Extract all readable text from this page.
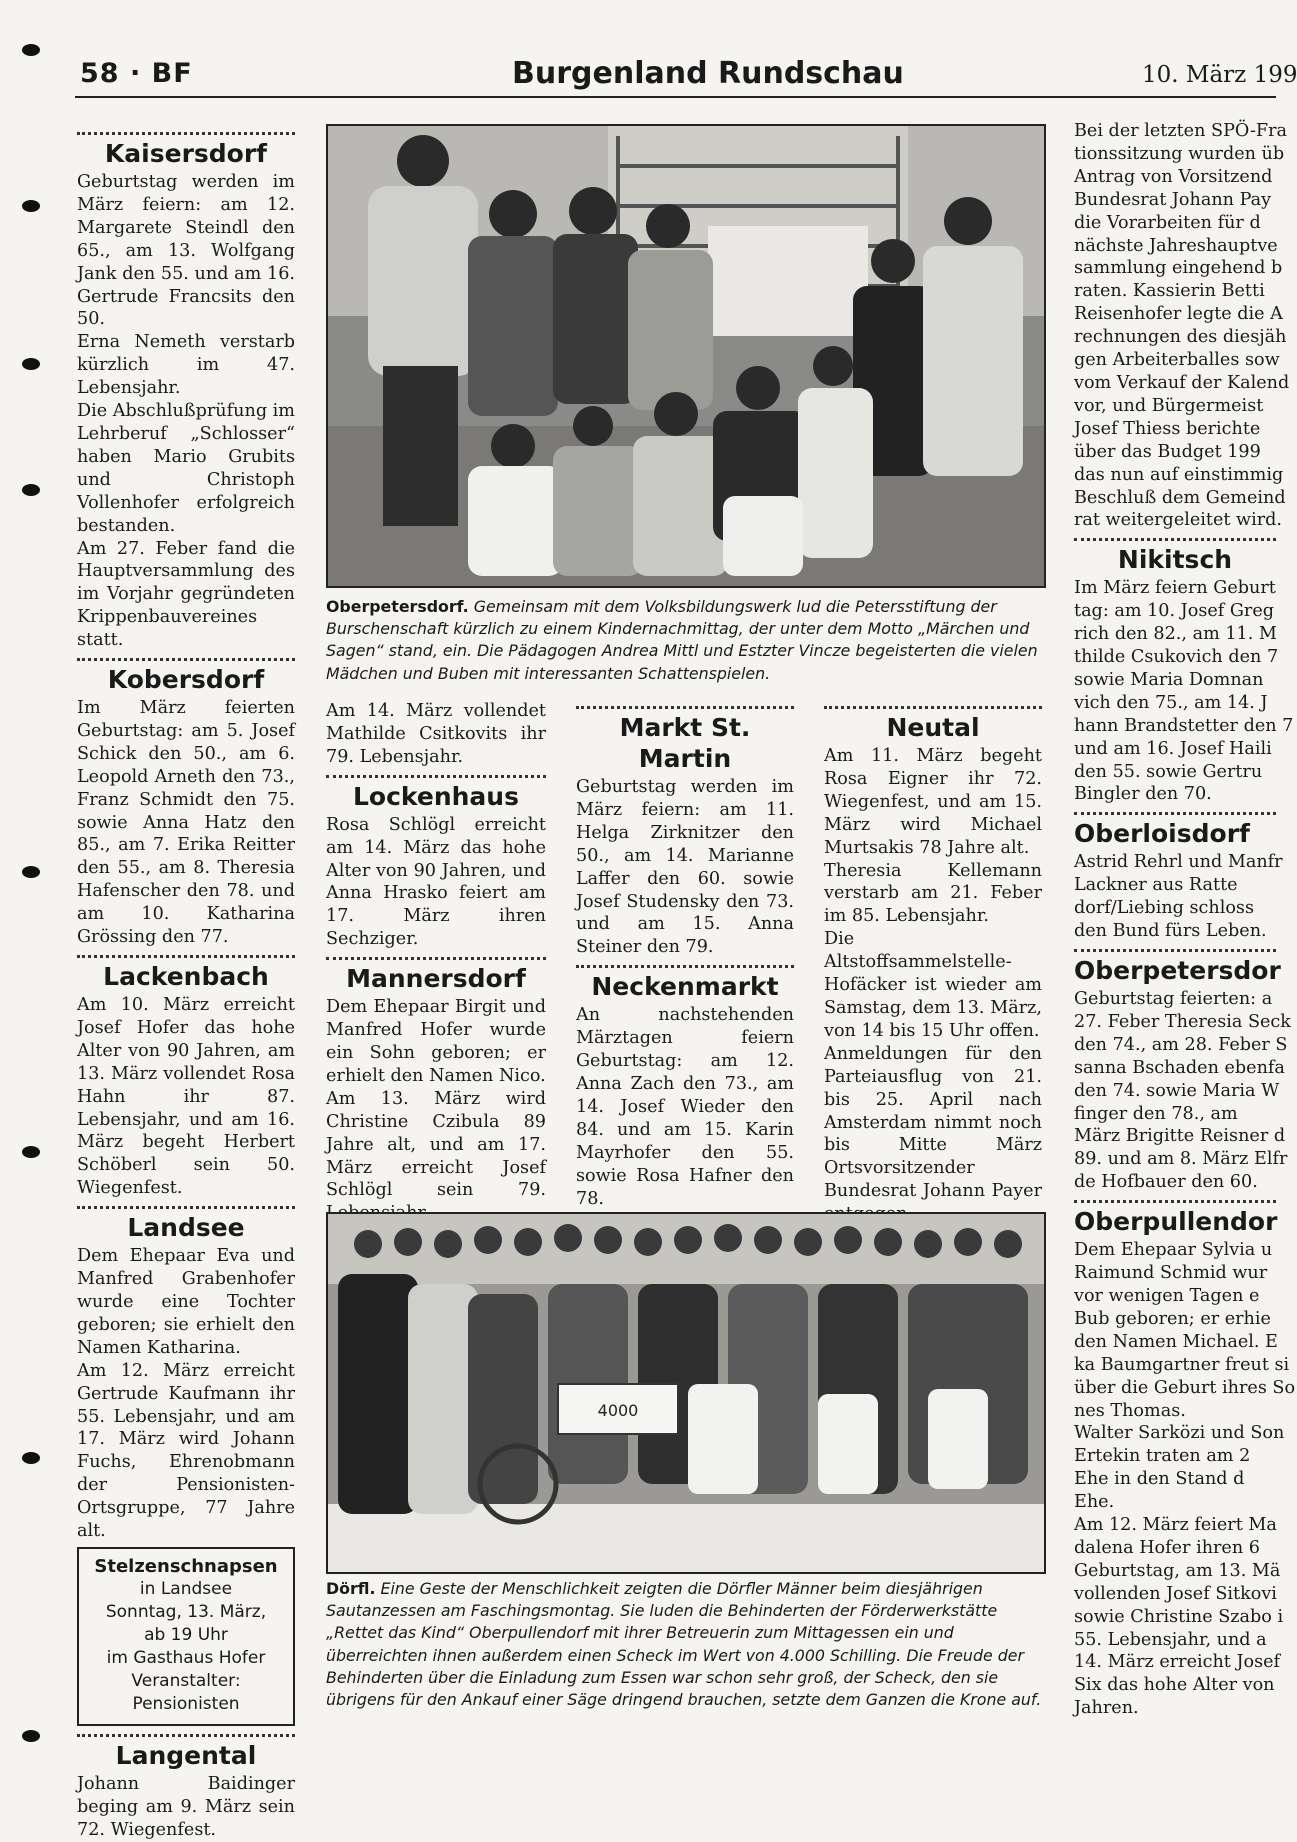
58 · BF	Burgenland Rundschau	10. März 199
Kaisersdorf

Geburtstag werden im März feiern: am 12. Margarete Steindl den 65., am 13. Wolfgang Jank den 55. und am 16. Gertrude Francsits den 50.

Erna Nemeth verstarb kürzlich im 47. Lebensjahr.

Die Abschlußprüfung im Lehrberuf „Schlosser“ haben Mario Grubits und Christoph Vollenhofer erfolgreich bestanden.

Am 27. Feber fand die Hauptversammlung des im Vorjahr gegründeten Krippenbauvereines statt.

Kobersdorf

Im März feierten Geburtstag: am 5. Josef Schick den 50., am 6. Leopold Arneth den 73., Franz Schmidt den 75. sowie Anna Hatz den 85., am 7. Erika Reitter den 55., am 8. Theresia Hafenscher den 78. und am 10. Katharina Grössing den 77.

Lackenbach

Am 10. März erreicht Josef Hofer das hohe Alter von 90 Jahren, am 13. März vollendet Rosa Hahn ihr 87. Lebensjahr, und am 16. März begeht Herbert Schöberl sein 50. Wiegenfest.

Landsee

Dem Ehepaar Eva und Manfred Grabenhofer wurde eine Tochter geboren; sie erhielt den Namen Katharina.

Am 12. März erreicht Gertrude Kaufmann ihr 55. Lebensjahr, und am 17. März wird Johann Fuchs, Ehrenobmann der Pensionisten-Ortsgruppe, 77 Jahre alt.

Stelzenschnapsen
in Landsee
Sonntag, 13. März,
ab 19 Uhr
im Gasthaus Hofer
Veranstalter:
Pensionisten
Langental

Johann Baidinger beging am 9. März sein 72. Wiegenfest.

Oberpetersdorf. Gemeinsam mit dem Volksbildungswerk lud die Petersstiftung der Burschenschaft kürzlich zu einem Kindernachmittag, der unter dem Motto „Märchen und Sagen“ stand, ein. Die Pädagogen Andrea Mittl und Estzter Vincze begeisterten die vielen Mädchen und Buben mit interessanten Schattenspielen.

Am 14. März vollendet Mathilde Csitkovits ihr 79. Lebensjahr.

Lockenhaus

Rosa Schlögl erreicht am 14. März das hohe Alter von 90 Jahren, und Anna Hrasko feiert am 17. März ihren Sechziger.

Mannersdorf

Dem Ehepaar Birgit und Manfred Hofer wurde ein Sohn geboren; er erhielt den Namen Nico.

Am 13. März wird Christine Czibula 89 Jahre alt, und am 17. März erreicht Josef Schlögl sein 79.

Markt St. Martin

Geburtstag werden im März feiern: am 11. Helga Zirknitzer den 50., am 14. Marianne Laffer den 60. sowie Josef Studensky den 73. und am 15. Anna Steiner den 79.

Neckenmarkt

An nachstehenden Märztagen feiern Geburtstag: am 12. Anna Zach den 73., am 14. Josef Wieder den 84. und am 15. Karin Mayrhofer den 55. sowie Rosa Hafner den 78.

Neutal

Am 11. März begeht Rosa Eigner ihr 72. Wiegenfest, und am 15. März wird Michael Murtsakis 78 Jahre alt.

Theresia Kellemann verstarb am 21. Feber im 85. Lebensjahr.

Die Altstoffsammelstelle-Hofäcker ist wieder am Samstag, dem 13. März, von 14 bis 15 Uhr offen.

Anmeldungen für den Parteiausflug von 21. bis 25. April nach Amsterdam nimmt noch bis Mitte März Ortsvorsitzender Bundesrat Johann Payer

4000
Dörfl. Eine Geste der Menschlichkeit zeigten die Dörfler Männer beim diesjährigen Sautanzessen am Faschingsmontag. Sie luden die Behinderten der Förderwerkstätte „Rettet das Kind“ Oberpullendorf mit ihrer Betreuerin zum Mittagessen ein und überreichten ihnen außerdem einen Scheck im Wert von 4.000 Schilling. Die Freude der Behinderten über die Einladung zum Essen war schon sehr groß, der Scheck, den sie übrigens für den Ankauf einer Säge dringend brauchen, setzte dem Ganzen die Krone auf.
Bei der letzten SPÖ-Fra
tionssitzung wurden üb
Antrag von Vorsitzend
Bundesrat Johann Pay
die Vorarbeiten für d
nächste Jahreshauptve
sammlung eingehend b
raten. Kassierin Betti
Reisenhofer legte die A
rechnungen des diesjäh
gen Arbeiterballes sow
vom Verkauf der Kalend
vor, und Bürgermeist
Josef Thiess berichte
über das Budget 199
das nun auf einstimmig
Beschluß dem Gemeind
rat weitergeleitet wird.
Nikitsch
Im März feiern Geburt
tag: am 10. Josef Greg
rich den 82., am 11. M
thilde Csukovich den 7
sowie Maria Domnan
vich den 75., am 14. J
hann Brandstetter den 7
und am 16. Josef Haili
den 55. sowie Gertru
Bingler den 70.
Oberloisdorf
Astrid Rehrl und Manfr
Lackner aus Ratte
dorf/Liebing schloss
den Bund fürs Leben.
Oberpetersdor
Geburtstag feierten: a
27. Feber Theresia Seck
den 74., am 28. Feber S
sanna Bschaden ebenfa
den 74. sowie Maria W
finger den 78., am
März Brigitte Reisner d
89. und am 8. März Elfr
de Hofbauer den 60.
Oberpullendor
Dem Ehepaar Sylvia u
Raimund Schmid wur
vor wenigen Tagen e
Bub geboren; er erhie
den Namen Michael. E
ka Baumgartner freut si
über die Geburt ihres So
nes Thomas.
Walter Sarközi und Son
Ertekin traten am 2
Ehe in den Stand d
Ehe.
Am 12. März feiert Ma
dalena Hofer ihren 6
Geburtstag, am 13. Mä
vollenden Josef Sitkovi
sowie Christine Szabo i
55. Lebensjahr, und a
14. März erreicht Josef
Six das hohe Alter von
Jahren.
